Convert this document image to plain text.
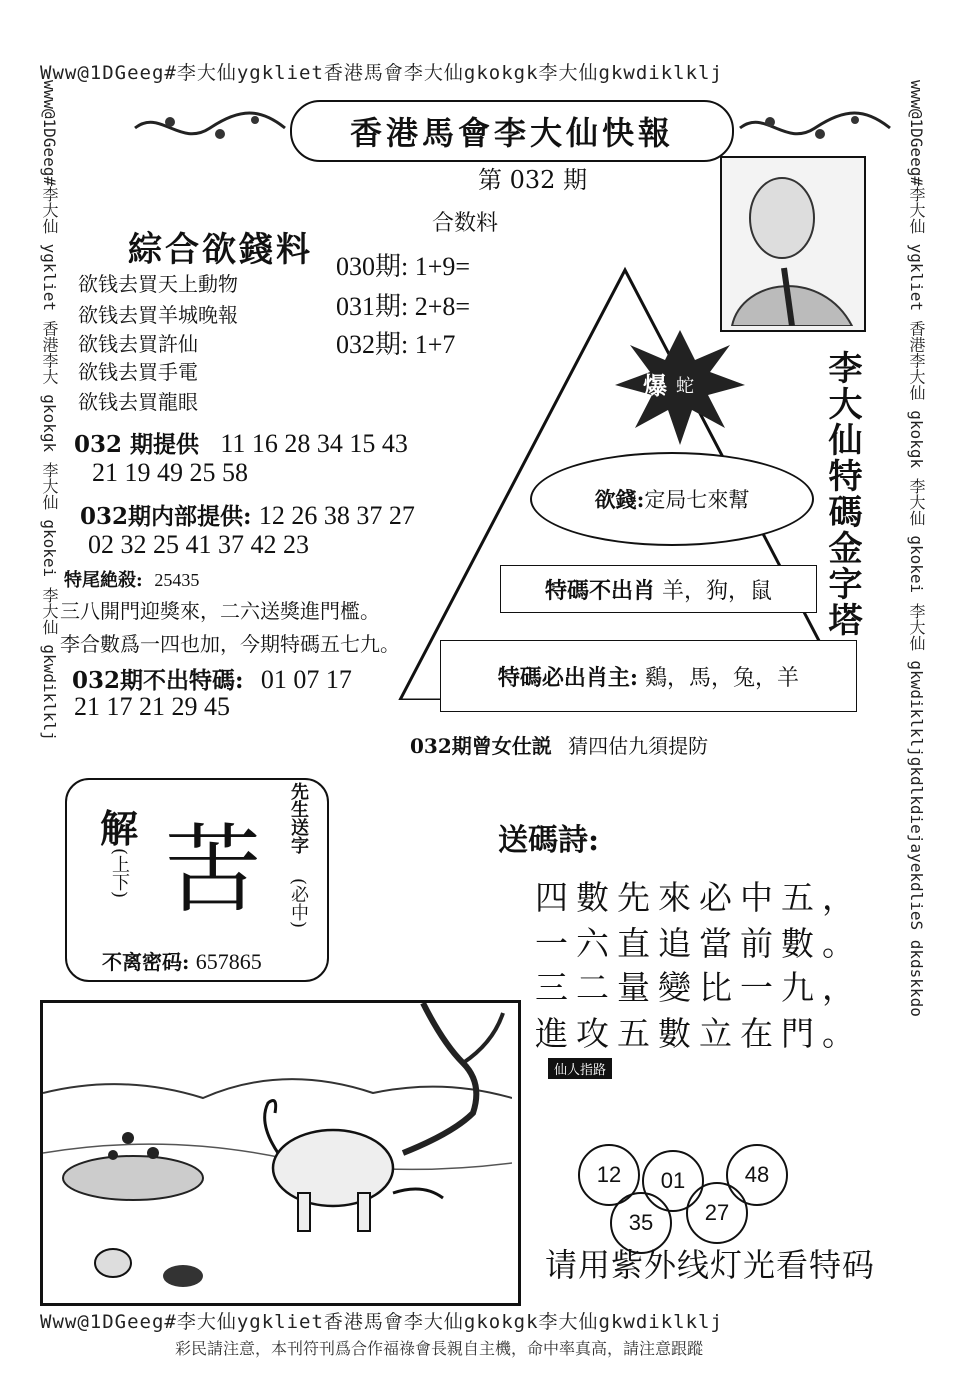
Www@1DGeeg#李大仙ygkliet香港馬會李大仙gkokgk李大仙gkwdiklklj
www@1DGeeg#李大仙 ygkliet 香港李大 gkokgk 李大仙 gkokei 李大仙 gkwdiklklj	www@1DGeeg#李大仙 ygkliet 香港李大仙 gkokgk 李大仙 gkokei 李大仙 gkwdiklkljgkdlkdiejayekdlieS dkdskkdo
香港馬會李大仙快報
第 032 期
合数料
030期: 1+9=
031期: 2+8=
032期: 1+7
綜合欲錢料
欲钱去買天上動物
欲钱去買羊城晚報
欲钱去買許仙
欲钱去買手電
欲钱去買龍眼
爆 蛇	李大仙特碼金字塔
欲錢: 定局七來幫
特碼不出肖
羊，狗，鼠
特碼必出肖主:
鷄，馬，兔，羊
032 期提供 11 16 28 34 15 43
21 19 49 25 58
032期内部提供: 12 26 38 37 27
02 32 25 41 37 42 23
特尾絶殺: 25435
三八開門迎獎來，二六送獎進門檻。
李合數爲一四也加，今期特碼五七九。
032期不出特碼: 01 07 17
21 17 21 29 45
032期曾女仕説 猜四估九須提防
解
(上下) 苦 先生送字
(必中)
不离密码: 657865
送碼詩:
四數先來必中五，
一六直追當前數。
三二量變比一九，
進攻五數立在門。
仙人指路
12	01	48
35	27
请用紫外线灯光看特码
Www@1DGeeg#李大仙ygkliet香港馬會李大仙gkokgk李大仙gkwdiklklj
彩民請注意，本刊符刊爲合作福祿會長親自主機，命中率真高，請注意跟蹤
